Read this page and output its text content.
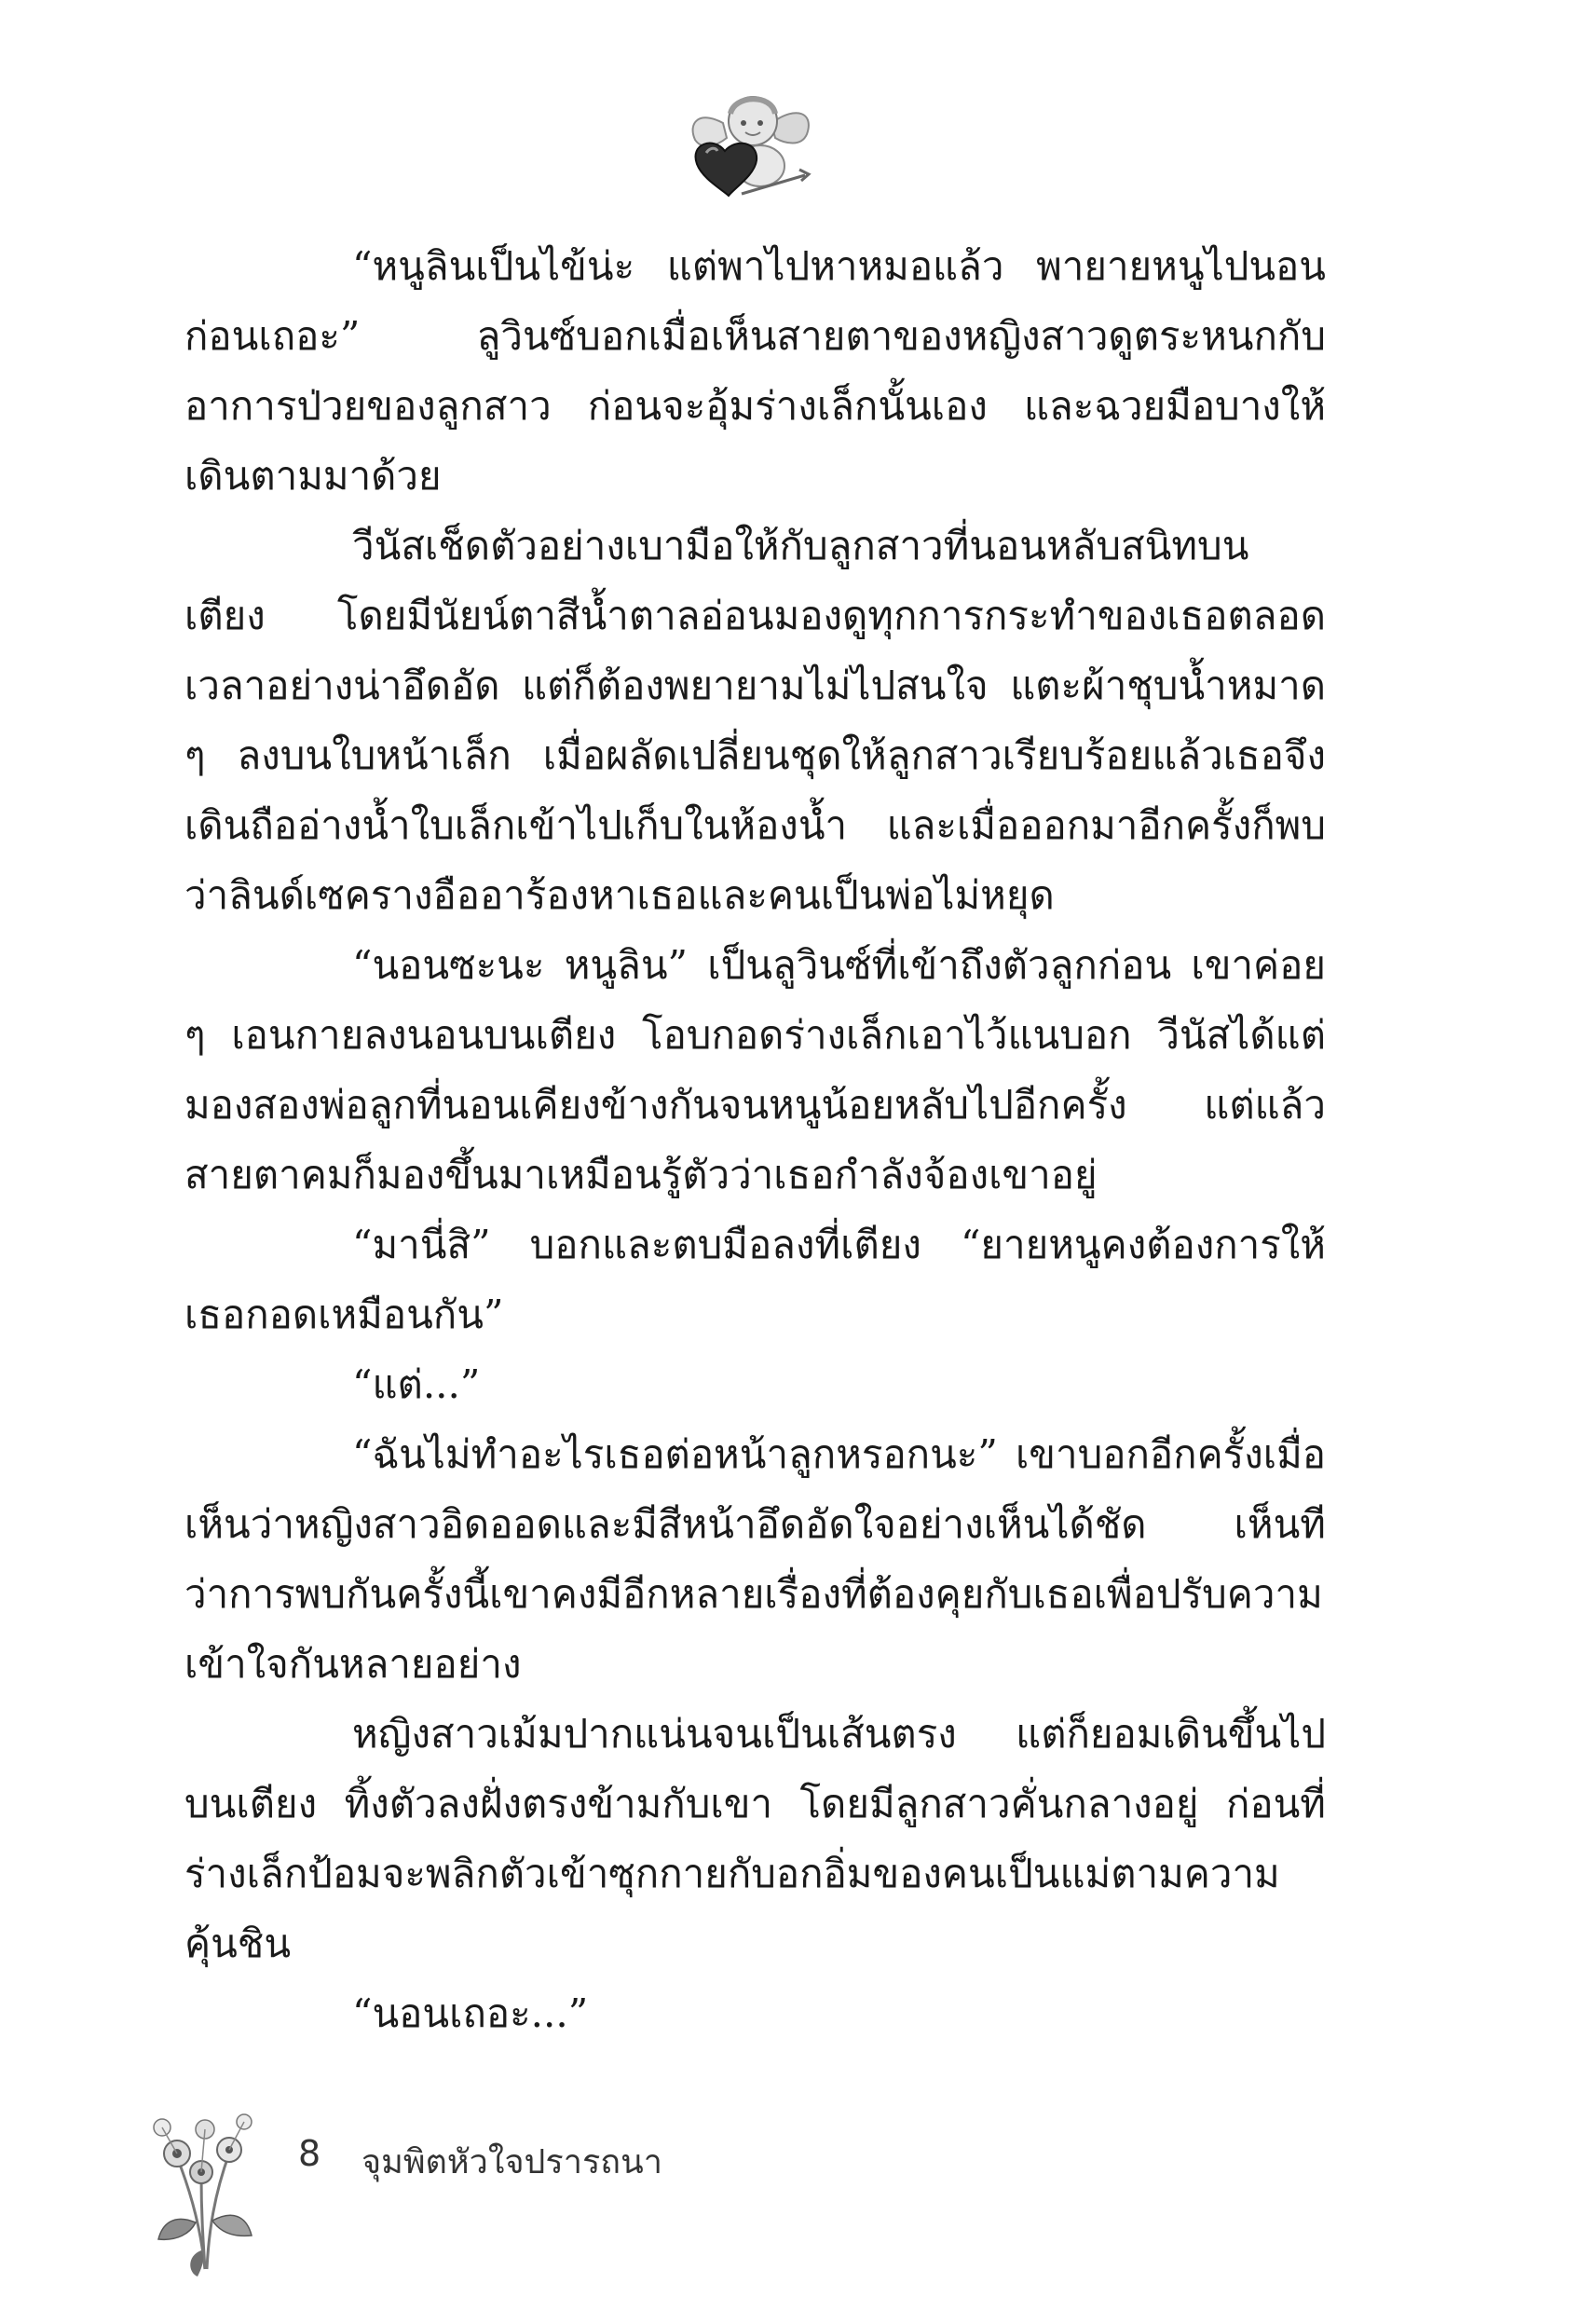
“หนูลินเป็นไข้น่ะ แต่พาไปหาหมอแล้ว พายายหนูไปนอนก่อนเถอะ” ลูวินซ์บอกเมื่อเห็นสายตาของหญิงสาวดูตระหนกกับอาการป่วยของลูกสาว ก่อนจะอุ้มร่างเล็กนั้นเอง และฉวยมือบางให้เดินตามมาด้วย

วีนัสเช็ดตัวอย่างเบามือให้กับลูกสาวที่นอนหลับสนิทบนเตียง โดยมีนัยน์ตาสีน้ำตาลอ่อนมองดูทุกการกระทำของเธอตลอดเวลาอย่างน่าอึดอัด แต่ก็ต้องพยายามไม่ไปสนใจ แตะผ้าชุบน้ำหมาด ๆ ลงบนใบหน้าเล็ก เมื่อผลัดเปลี่ยนชุดให้ลูกสาวเรียบร้อยแล้วเธอจึงเดินถืออ่างน้ำใบเล็กเข้าไปเก็บในห้องน้ำ และเมื่อออกมาอีกครั้งก็พบว่าลินด์เซครางอืออาร้องหาเธอและคนเป็นพ่อไม่หยุด

“นอนซะนะ หนูลิน” เป็นลูวินซ์ที่เข้าถึงตัวลูกก่อน เขาค่อย ๆ เอนกายลงนอนบนเตียง โอบกอดร่างเล็กเอาไว้แนบอก วีนัสได้แต่มองสองพ่อลูกที่นอนเคียงข้างกันจนหนูน้อยหลับไปอีกครั้ง แต่แล้วสายตาคมก็มองขึ้นมาเหมือนรู้ตัวว่าเธอกำลังจ้องเขาอยู่

“มานี่สิ” บอกและตบมือลงที่เตียง “ยายหนูคงต้องการให้เธอกอดเหมือนกัน”

“แต่...”

“ฉันไม่ทำอะไรเธอต่อหน้าลูกหรอกนะ” เขาบอกอีกครั้งเมื่อเห็นว่าหญิงสาวอิดออดและมีสีหน้าอึดอัดใจอย่างเห็นได้ชัด เห็นทีว่าการพบกันครั้งนี้เขาคงมีอีกหลายเรื่องที่ต้องคุยกับเธอเพื่อปรับความเข้าใจกันหลายอย่าง

หญิงสาวเม้มปากแน่นจนเป็นเส้นตรง แต่ก็ยอมเดินขึ้นไปบนเตียง ทิ้งตัวลงฝั่งตรงข้ามกับเขา โดยมีลูกสาวคั่นกลางอยู่ ก่อนที่ร่างเล็กป้อมจะพลิกตัวเข้าซุกกายกับอกอิ่มของคนเป็นแม่ตามความคุ้นชิน

“นอนเถอะ...”

8 จุมพิตหัวใจปรารถนา
